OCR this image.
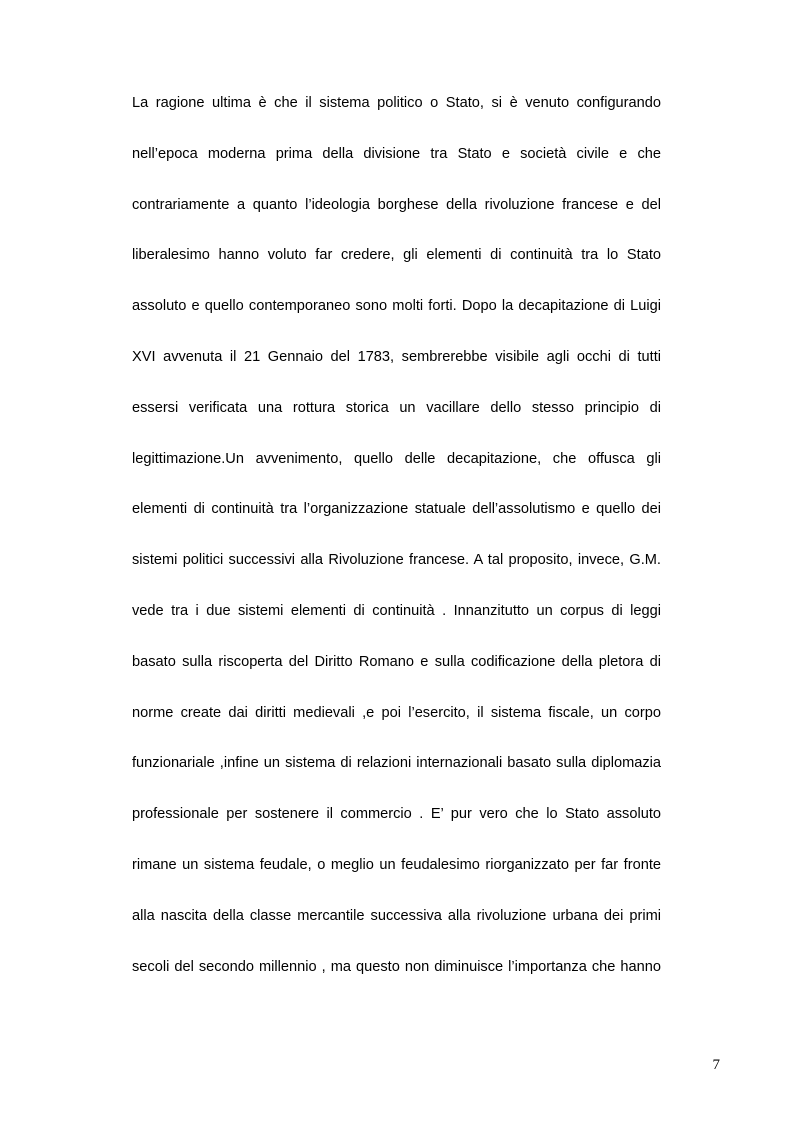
La ragione ultima è che il sistema politico o Stato, si è venuto configurando
nell’epoca moderna prima della divisione tra Stato e società civile e che
contrariamente a quanto l’ideologia borghese della rivoluzione francese e del
liberalesimo hanno voluto far credere, gli elementi di continuità tra lo Stato
assoluto e quello contemporaneo sono molti forti. Dopo la decapitazione di Luigi
XVI avvenuta il 21 Gennaio del 1783, sembrerebbe visibile agli occhi di tutti
essersi verificata una rottura storica un vacillare dello stesso principio di
legittimazione.Un avvenimento, quello delle decapitazione, che offusca gli
elementi di continuità tra l’organizzazione statuale dell’assolutismo e quello dei
sistemi politici successivi alla Rivoluzione francese. A tal proposito, invece, G.M.
vede tra i due sistemi elementi di continuità . Innanzitutto un corpus di leggi
basato sulla riscoperta del Diritto Romano e sulla codificazione della pletora di
norme create dai diritti medievali ,e poi l’esercito, il sistema fiscale, un corpo
funzionariale ,infine un sistema di relazioni internazionali basato sulla diplomazia
professionale per sostenere il commercio . E’ pur vero che lo Stato assoluto
rimane un sistema feudale, o meglio un feudalesimo riorganizzato per far fronte
alla nascita della classe mercantile successiva alla rivoluzione urbana dei primi
secoli del secondo millennio , ma questo non diminuisce l’importanza che hanno
7
